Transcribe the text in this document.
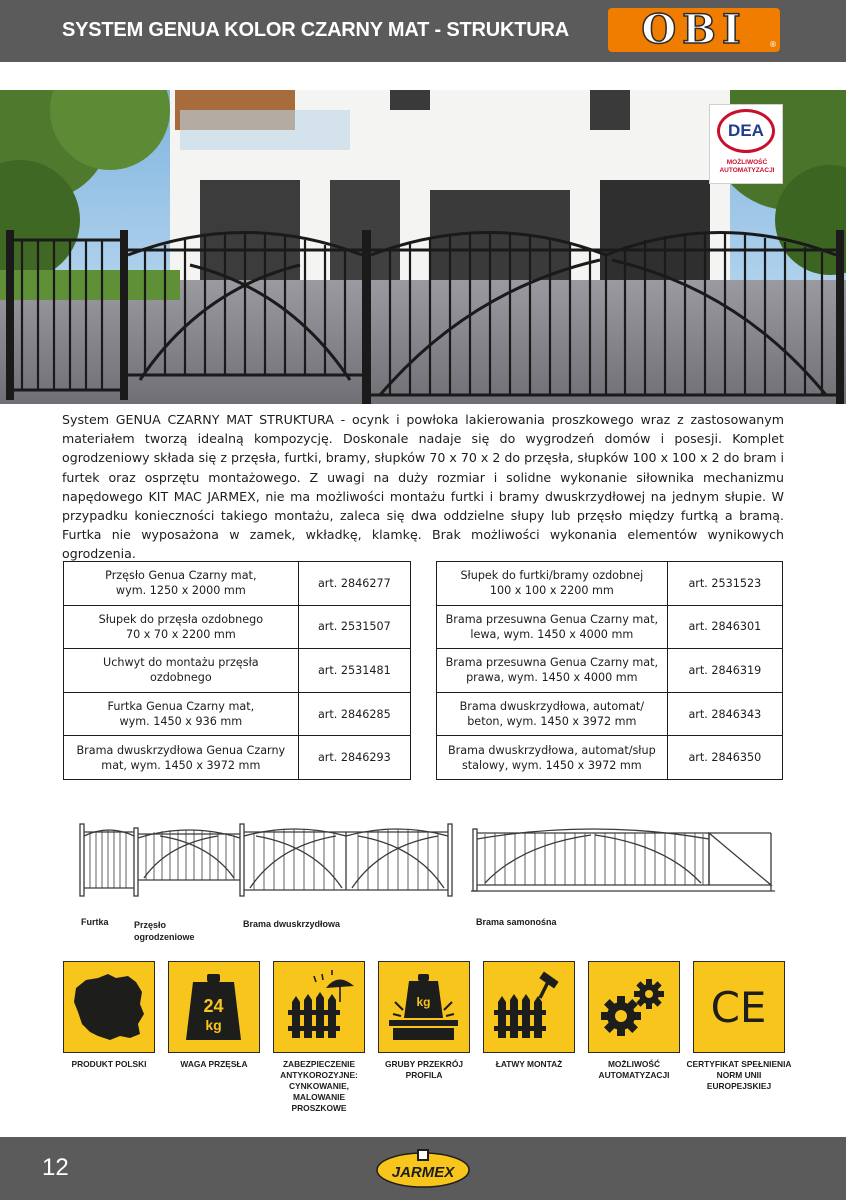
SYSTEM GENUA KOLOR CZARNY MAT - STRUKTURA OBI	®
DEA
MOŻLIWOŚĆ
AUTOMATYZACJI

System GENUA CZARNY MAT STRUKTURA - ocynk i powłoka lakierowania proszkowego wraz z zastosowanym materiałem tworzą idealną kompozycję. Doskonale nadaje się do wygrodzeń domów i posesji. Komplet ogrodzeniowy składa się z przęsła, furtki, bramy, słupków 70 x 70 x 2 do przęsła, słupków 100 x 100 x 2 do bram i furtek oraz osprzętu montażowego. Z uwagi na duży rozmiar i solidne wykonanie siłownika mechanizmu napędowego KIT MAC JARMEX, nie ma możliwości montażu furtki i bramy dwuskrzydłowej na jednym słupie. W przypadku konieczności takiego montażu, zaleca się dwa oddzielne słupy lub przęsło między furtką a bramą. Furtka nie wyposażona w zamek, wkładkę, klamkę. Brak możliwości wykonania elementów wynikowych ogrodzenia.

Przęsło Genua Czarny mat,
wym. 1250 x 2000 mm	art. 2846277

Słupek do przęsła ozdobnego
70 x 70 x 2200 mm	art. 2531507

Uchwyt do montażu przęsła
ozdobnego	art. 2531481

Furtka Genua Czarny mat,
wym. 1450 x 936 mm	art. 2846285

Brama dwuskrzydłowa Genua Czarny
mat, wym. 1450 x 3972 mm	art. 2846293
Słupek do furtki/bramy ozdobnej
100 x 100 x 2200 mm	art. 2531523

Brama przesuwna Genua Czarny mat,
lewa, wym. 1450 x 4000 mm	art. 2846301

Brama przesuwna Genua Czarny mat,
prawa, wym. 1450 x 4000 mm	art. 2846319

Brama dwuskrzydłowa, automat/
beton, wym. 1450 x 3972 mm	art. 2846343

Brama dwuskrzydłowa, automat/słup
stalowy, wym. 1450 x 3972 mm	art. 2846350
Furtka	Przęsło
ogrodzeniowe
Brama dwuskrzydłowa	Brama samonośna
PRODUKT POLSKI
24
kg
WAGA PRZĘSŁA	ZABEZPIECZENIE ANTYKOROZYJNE: CYNKOWANIE, MALOWANIE PROSZKOWE
kg
GRUBY PRZEKRÓJ PROFILA
ŁATWY MONTAŻ	MOŻLIWOŚĆ AUTOMATYZACJI
CE
CERTYFIKAT SPEŁNIENIA NORM UNII EUROPEJSKIEJ
12	JARMEX
